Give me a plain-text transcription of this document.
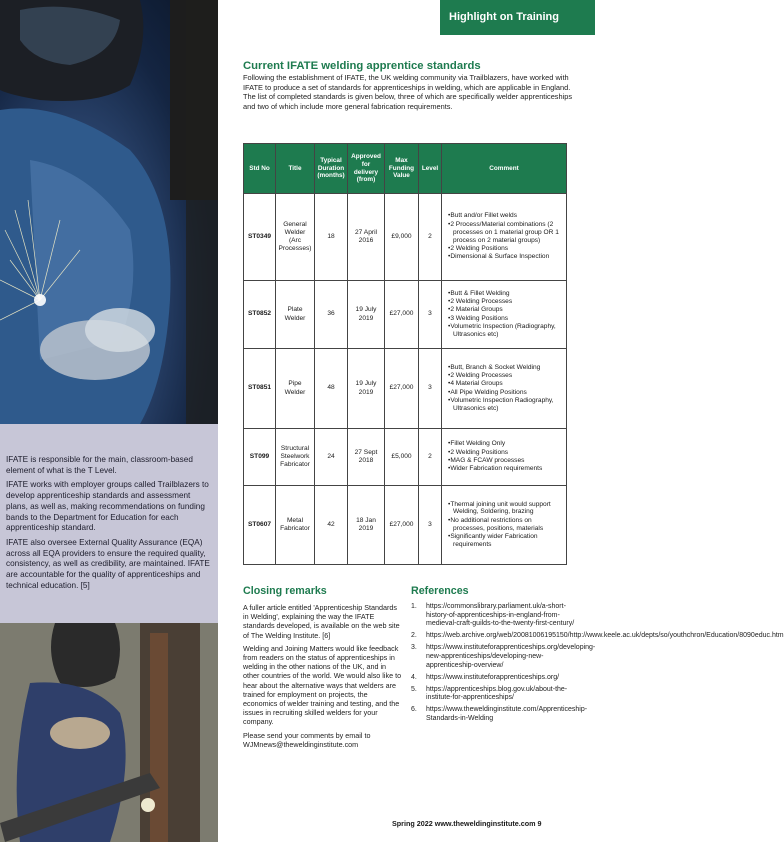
IFATE is responsible for the main, classroom-based element of what is the T Level.

IFATE works with employer groups called Trailblazers to develop apprenticeship standards and assessment plans, as well as, making recommendations on funding bands to the Department for Education for each apprenticeship standard.

IFATE also oversee External Quality Assurance (EQA) across all EQA providers to ensure the required quality, consistency, as well as credibility, are maintained. IFATE are accountable for the quality of apprenticeships and technical education. [5]

Highlight on Training
Current IFATE welding apprentice standards
Following the establishment of IFATE, the UK welding community via Trailblazers, have worked with IFATE to produce a set of standards for apprenticeships in welding, which are applicable in England. The list of completed standards is given below, three of which are specifically welder apprenticeships and two of which include more general fabrication requirements.
Std No	Title	Typical Duration (months)	Approved for delivery (from)	Max Funding Value	Level	Comment
ST0349	General Welder (Arc Processes)	18	27 April 2016	£9,000	2	• Butt and/or Fillet welds
• 2 Process/Material combinations (2 processes on 1 material group OR 1 process on 2 material groups)
• 2 Welding Positions
• Dimensional & Surface Inspection

ST0852	Plate Welder	36	19 July 2019	£27,000	3	• Butt & Fillet Welding
• 2 Welding Processes
• 2 Material Groups
• 3 Welding Positions
• Volumetric Inspection (Radiography, Ultrasonics etc)

ST0851	Pipe Welder	48	19 July 2019	£27,000	3	• Butt, Branch & Socket Welding
• 2 Welding Processes
• 4 Material Groups
• All Pipe Welding Positions
• Volumetric Inspection Radiography, Ultrasonics etc)

ST099	Structural Steelwork Fabricator	24	27 Sept 2018	£5,000	2	• Fillet Welding Only
• 2 Welding Positions
• MAG & FCAW processes
• Wider Fabrication requirements

ST0607	Metal Fabricator	42	18 Jan 2019	£27,000	3	• Thermal joining unit would support Welding, Soldering, brazing
• No additional restrictions on processes, positions, materials
• Significantly wider Fabrication requirements
Closing remarks

A fuller article entitled 'Apprenticeship Standards in Welding', explaining the way the IFATE standards developed, is available on the web site of The Welding Institute. [6]

Welding and Joining Matters would like feedback from readers on the status of apprenticeships in welding in the other nations of the UK, and in other countries of the world. We would also like to hear about the alternative ways that welders are trained for employment on projects, the economics of welder training and testing, and the issues in recruiting skilled welders for your company.

Please send your comments by email to WJMnews@theweldinginstitute.com

References
1. https://commonslibrary.parliament.uk/a-short-history-of-apprenticeships-in-england-from-medieval-craft-guilds-to-the-twenty-first-century/
2. https://web.archive.org/web/20081006195150/http://www.keele.ac.uk/depts/so/youthchron/Education/8090educ.htm
3. https://www.instituteforapprenticeships.org/developing-new-apprenticeships/developing-new-apprenticeship-overview/
4. https://www.instituteforapprenticeships.org/
5. https://apprenticeships.blog.gov.uk/about-the-institute-for-apprenticeships/
6. https://www.theweldinginstitute.com/Apprenticeship-Standards-in-Welding
Spring 2022 www.theweldinginstitute.com 9
